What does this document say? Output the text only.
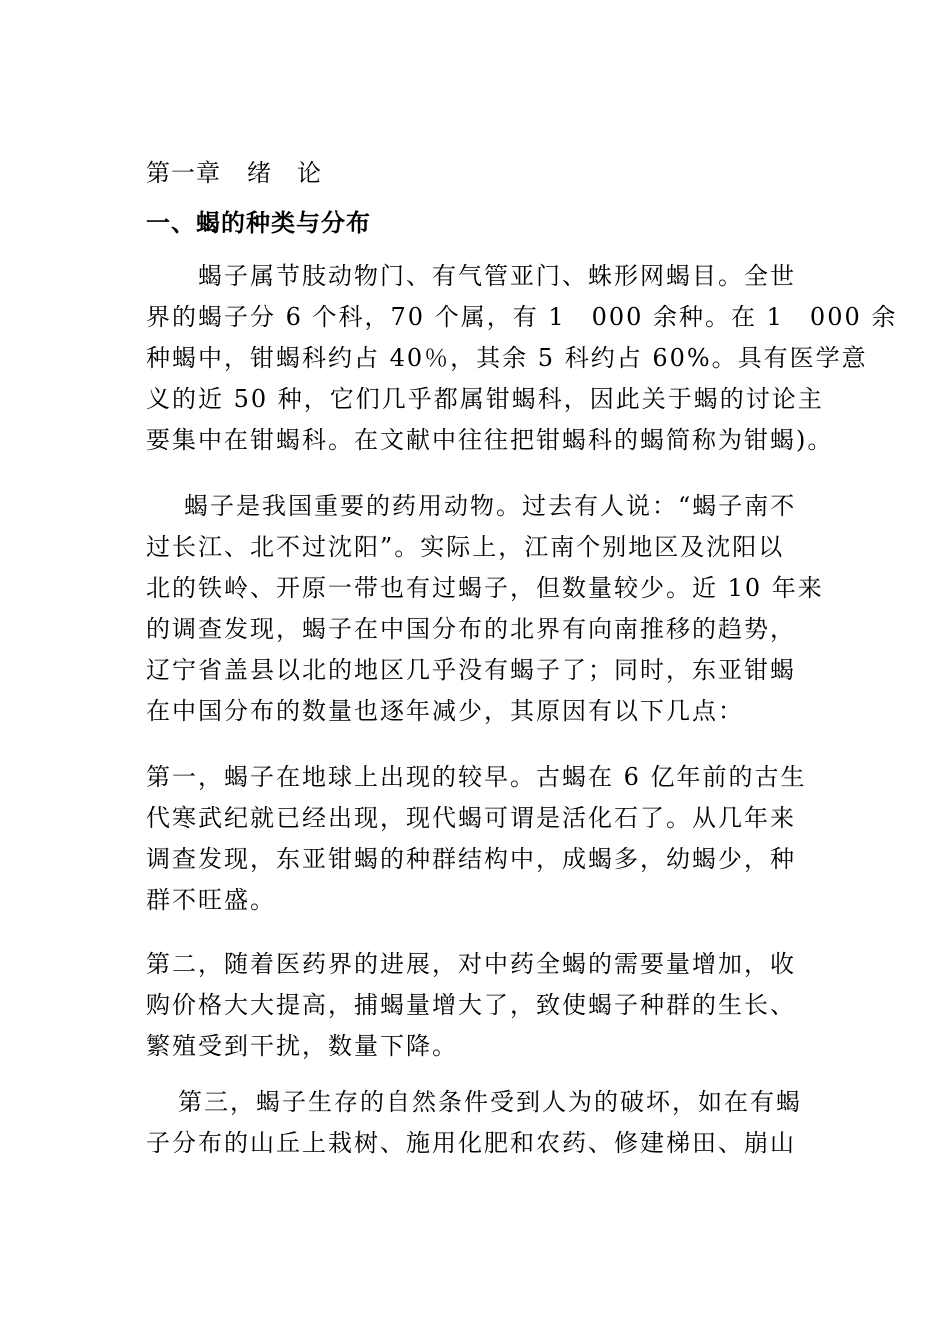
第一章 绪　论
一、蝎的种类与分布
蝎子属节肢动物门、有气管亚门、蛛形网蝎目。全世
界的蝎子分 6 个科，70 个属，有 1　000 余种。在 1　000 余
种蝎中，钳蝎科约占 40％，其余 5 科约占 60%。具有医学意
义的近 50 种，它们几乎都属钳蝎科，因此关于蝎的讨论主
要集中在钳蝎科。在文献中往往把钳蝎科的蝎简称为钳蝎)。
蝎子是我国重要的药用动物。过去有人说：“蝎子南不
过长江、北不过沈阳”。实际上，江南个别地区及沈阳以
北的铁岭、开原一带也有过蝎子，但数量较少。近 10 年来
的调查发现，蝎子在中国分布的北界有向南推移的趋势，
辽宁省盖县以北的地区几乎没有蝎子了；同时，东亚钳蝎
在中国分布的数量也逐年减少，其原因有以下几点：
第一，蝎子在地球上出现的较早。古蝎在 6 亿年前的古生
代寒武纪就已经出现，现代蝎可谓是活化石了。从几年来
调查发现，东亚钳蝎的种群结构中，成蝎多，幼蝎少，种
群不旺盛。
第二，随着医药界的进展，对中药全蝎的需要量增加，收
购价格大大提高，捕蝎量增大了，致使蝎子种群的生长、
繁殖受到干扰，数量下降。
第三，蝎子生存的自然条件受到人为的破坏，如在有蝎
子分布的山丘上栽树、施用化肥和农药、修建梯田、崩山
